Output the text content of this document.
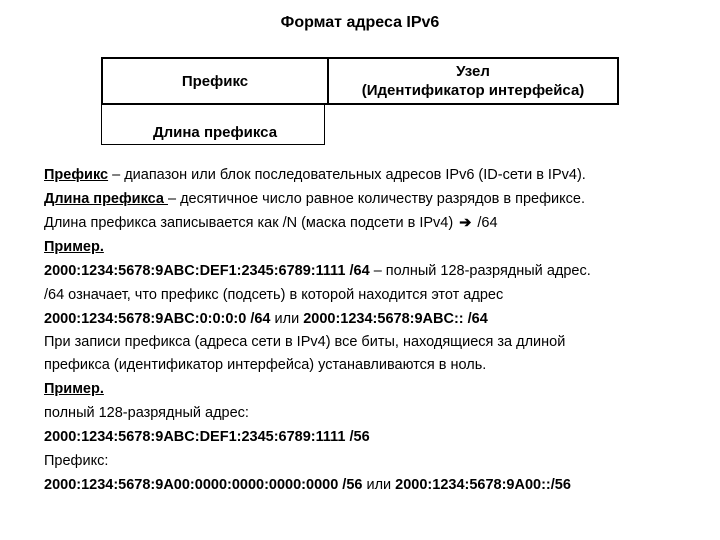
Формат адреса IPv6
Префикс
Узел
(Идентификатор интерфейса)
Длина префикса
Префикс – диапазон или блок последовательных адресов IPv6 (ID-сети в IPv4).
Длина префикса – десятичное число равное количеству разрядов в префиксе.
Длина префикса записывается как /N (маска подсети в IPv4) ➔ /64
Пример.
2000:1234:5678:9ABC:DEF1:2345:6789:1111 /64 – полный 128-разрядный адрес.
/64 означает, что префикс (подсеть) в которой находится этот адрес
2000:1234:5678:9ABC:0:0:0:0 /64 или 2000:1234:5678:9ABC:: /64
При записи префикса (адреса сети в IPv4) все биты, находящиеся за длиной
префикса (идентификатор интерфейса) устанавливаются в ноль.
Пример.
полный 128-разрядный адрес:
2000:1234:5678:9ABC:DEF1:2345:6789:1111 /56
Префикс:
2000:1234:5678:9A00:0000:0000:0000:0000 /56 или 2000:1234:5678:9A00::/56
